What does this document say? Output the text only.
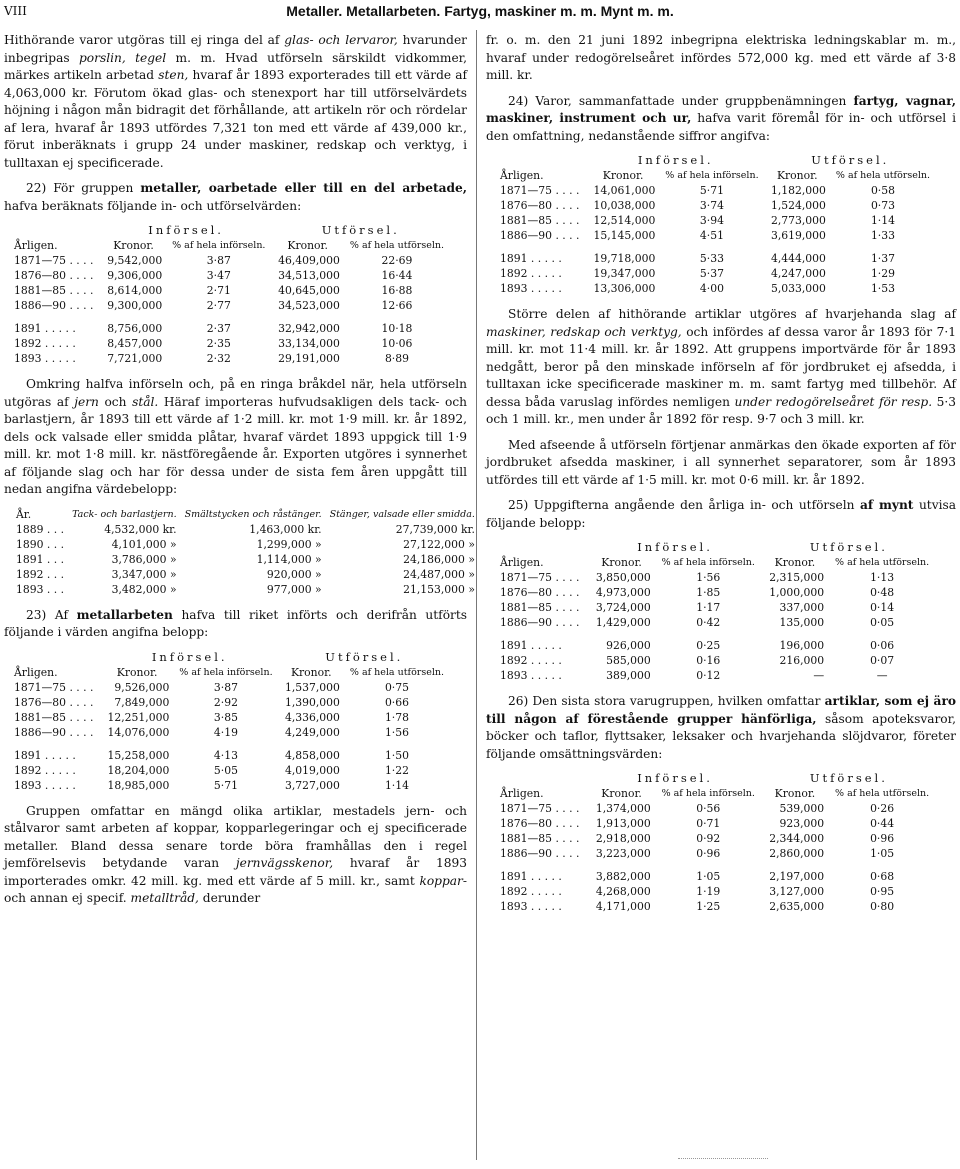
VIII	Metaller. Metallarbeten. Fartyg, maskiner m. m. Mynt m. m.

Hithörande varor utgöras till ej ringa del af glas- och lervaror, hvarunder inbegripas porslin, tegel m. m. Hvad utförseln särskildt vidkommer, märkes artikeln arbetad sten, hvaraf år 1893 exporterades till ett värde af 4,063,000 kr. Förutom ökad glas- och stenexport har till utförselvärdets höjning i någon mån bidragit det förhållande, att artikeln rör och rördelar af lera, hvaraf år 1893 utfördes 7,321 ton med ett värde af 439,000 kr., förut inberäknats i grupp 24 under maskiner, redskap och verktyg, i tulltaxan ej specificerade.

22) För gruppen metaller, oarbetade eller till en del arbetade, hafva beräknats följande in- och utförselvärden:

	Införsel.		Utförsel.	
Årligen.	Kronor.	% af hela införseln.	Kronor.	% af hela utförseln.
1871—75 . . . .	9,542,000	3·87	46,409,000	22·69
1876—80 . . . .	9,306,000	3·47	34,513,000	16·44
1881—85 . . . .	8,614,000	2·71	40,645,000	16·88
1886—90 . . . .	9,300,000	2·77	34,523,000	12·66

1891 . . . . .	8,756,000	2·37	32,942,000	10·18
1892 . . . . .	8,457,000	2·35	33,134,000	10·06
1893 . . . . .	7,721,000	2·32	29,191,000	8·89

Omkring halfva införseln och, på en ringa bråkdel när, hela utförseln utgöras af jern och stål. Häraf importeras hufvudsakligen dels tack- och barlastjern, år 1893 till ett värde af 1·2 mill. kr. mot 1·9 mill. kr. år 1892, dels ock valsade eller smidda plåtar, hvaraf värdet 1893 uppgick till 1·9 mill. kr. mot 1·8 mill. kr. nästföregående år. Exporten utgöres i synnerhet af följande slag och har för dessa under de sista fem åren uppgått till nedan angifna värdebelopp:

År.	Tack- och barlastjern.	Smältstycken och råstänger.	Stänger, valsade eller smidda.
1889 . . .	4,532,000 kr.	1,463,000 kr.	27,739,000 kr.
1890 . . .	4,101,000 »	1,299,000 »	27,122,000 »
1891 . . .	3,786,000 »	1,114,000 »	24,186,000 »
1892 . . .	3,347,000 »	920,000 »	24,487,000 »
1893 . . .	3,482,000 »	977,000 »	21,153,000 »

23) Af metallarbeten hafva till riket införts och derifrån utförts följande i värden angifna belopp:

	Införsel.		Utförsel.	
Årligen.	Kronor.	% af hela införseln.	Kronor.	% af hela utförseln.
1871—75 . . . .	9,526,000	3·87	1,537,000	0·75
1876—80 . . . .	7,849,000	2·92	1,390,000	0·66
1881—85 . . . .	12,251,000	3·85	4,336,000	1·78
1886—90 . . . .	14,076,000	4·19	4,249,000	1·56

1891 . . . . .	15,258,000	4·13	4,858,000	1·50
1892 . . . . .	18,204,000	5·05	4,019,000	1·22
1893 . . . . .	18,985,000	5·71	3,727,000	1·14

Gruppen omfattar en mängd olika artiklar, mestadels jern- och stålvaror samt arbeten af koppar, kopparlegeringar och ej specificerade metaller. Bland dessa senare torde böra framhållas den i regel jemförelsevis betydande varan jernvägsskenor, hvaraf år 1893 importerades omkr. 42 mill. kg. med ett värde af 5 mill. kr., samt koppar- och annan ej specif. metalltråd, derunder

fr. o. m. den 21 juni 1892 inbegripna elektriska ledningskablar m. m., hvaraf under redogörelseåret infördes 572,000 kg. med ett värde af 3·8 mill. kr.

24) Varor, sammanfattade under gruppbenämningen fartyg, vagnar, maskiner, instrument och ur, hafva varit föremål för in- och utförsel i den omfattning, nedanstående siffror angifva:

	Införsel.		Utförsel.	
Årligen.	Kronor.	% af hela införseln.	Kronor.	% af hela utförseln.
1871—75 . . . .	14,061,000	5·71	1,182,000	0·58
1876—80 . . . .	10,038,000	3·74	1,524,000	0·73
1881—85 . . . .	12,514,000	3·94	2,773,000	1·14
1886—90 . . . .	15,145,000	4·51	3,619,000	1·33

1891 . . . . .	19,718,000	5·33	4,444,000	1·37
1892 . . . . .	19,347,000	5·37	4,247,000	1·29
1893 . . . . .	13,306,000	4·00	5,033,000	1·53

Större delen af hithörande artiklar utgöres af hvarjehanda slag af maskiner, redskap och verktyg, och infördes af dessa varor år 1893 för 7·1 mill. kr. mot 11·4 mill. kr. år 1892. Att gruppens importvärde för år 1893 nedgått, beror på den minskade införseln af för jordbruket ej afsedda, i tulltaxan icke specificerade maskiner m. m. samt fartyg med tillbehör. Af dessa båda varuslag infördes nemligen under redogörelseåret för resp. 5·3 och 1 mill. kr., men under år 1892 för resp. 9·7 och 3 mill. kr.

Med afseende å utförseln förtjenar anmärkas den ökade exporten af för jordbruket afsedda maskiner, i all synnerhet separatorer, som år 1893 utfördes till ett värde af 1·5 mill. kr. mot 0·6 mill. kr. år 1892.

25) Uppgifterna angående den årliga in- och utförseln af mynt utvisa följande belopp:

	Införsel.		Utförsel.	
Årligen.	Kronor.	% af hela införseln.	Kronor.	% af hela utförseln.
1871—75 . . . .	3,850,000	1·56	2,315,000	1·13
1876—80 . . . .	4,973,000	1·85	1,000,000	0·48
1881—85 . . . .	3,724,000	1·17	337,000	0·14
1886—90 . . . .	1,429,000	0·42	135,000	0·05

1891 . . . . .	926,000	0·25	196,000	0·06
1892 . . . . .	585,000	0·16	216,000	0·07
1893 . . . . .	389,000	0·12	—	—

26) Den sista stora varugruppen, hvilken omfattar artiklar, som ej äro till någon af förestående grupper hänförliga, såsom apoteksvaror, böcker och taflor, flyttsaker, leksaker och hvarjehanda slöjdvaror, företer följande omsättningsvärden:

	Införsel.		Utförsel.	
Årligen.	Kronor.	% af hela införseln.	Kronor.	% af hela utförseln.
1871—75 . . . .	1,374,000	0·56	539,000	0·26
1876—80 . . . .	1,913,000	0·71	923,000	0·44
1881—85 . . . .	2,918,000	0·92	2,344,000	0·96
1886—90 . . . .	3,223,000	0·96	2,860,000	1·05

1891 . . . . .	3,882,000	1·05	2,197,000	0·68
1892 . . . . .	4,268,000	1·19	3,127,000	0·95
1893 . . . . .	4,171,000	1·25	2,635,000	0·80
